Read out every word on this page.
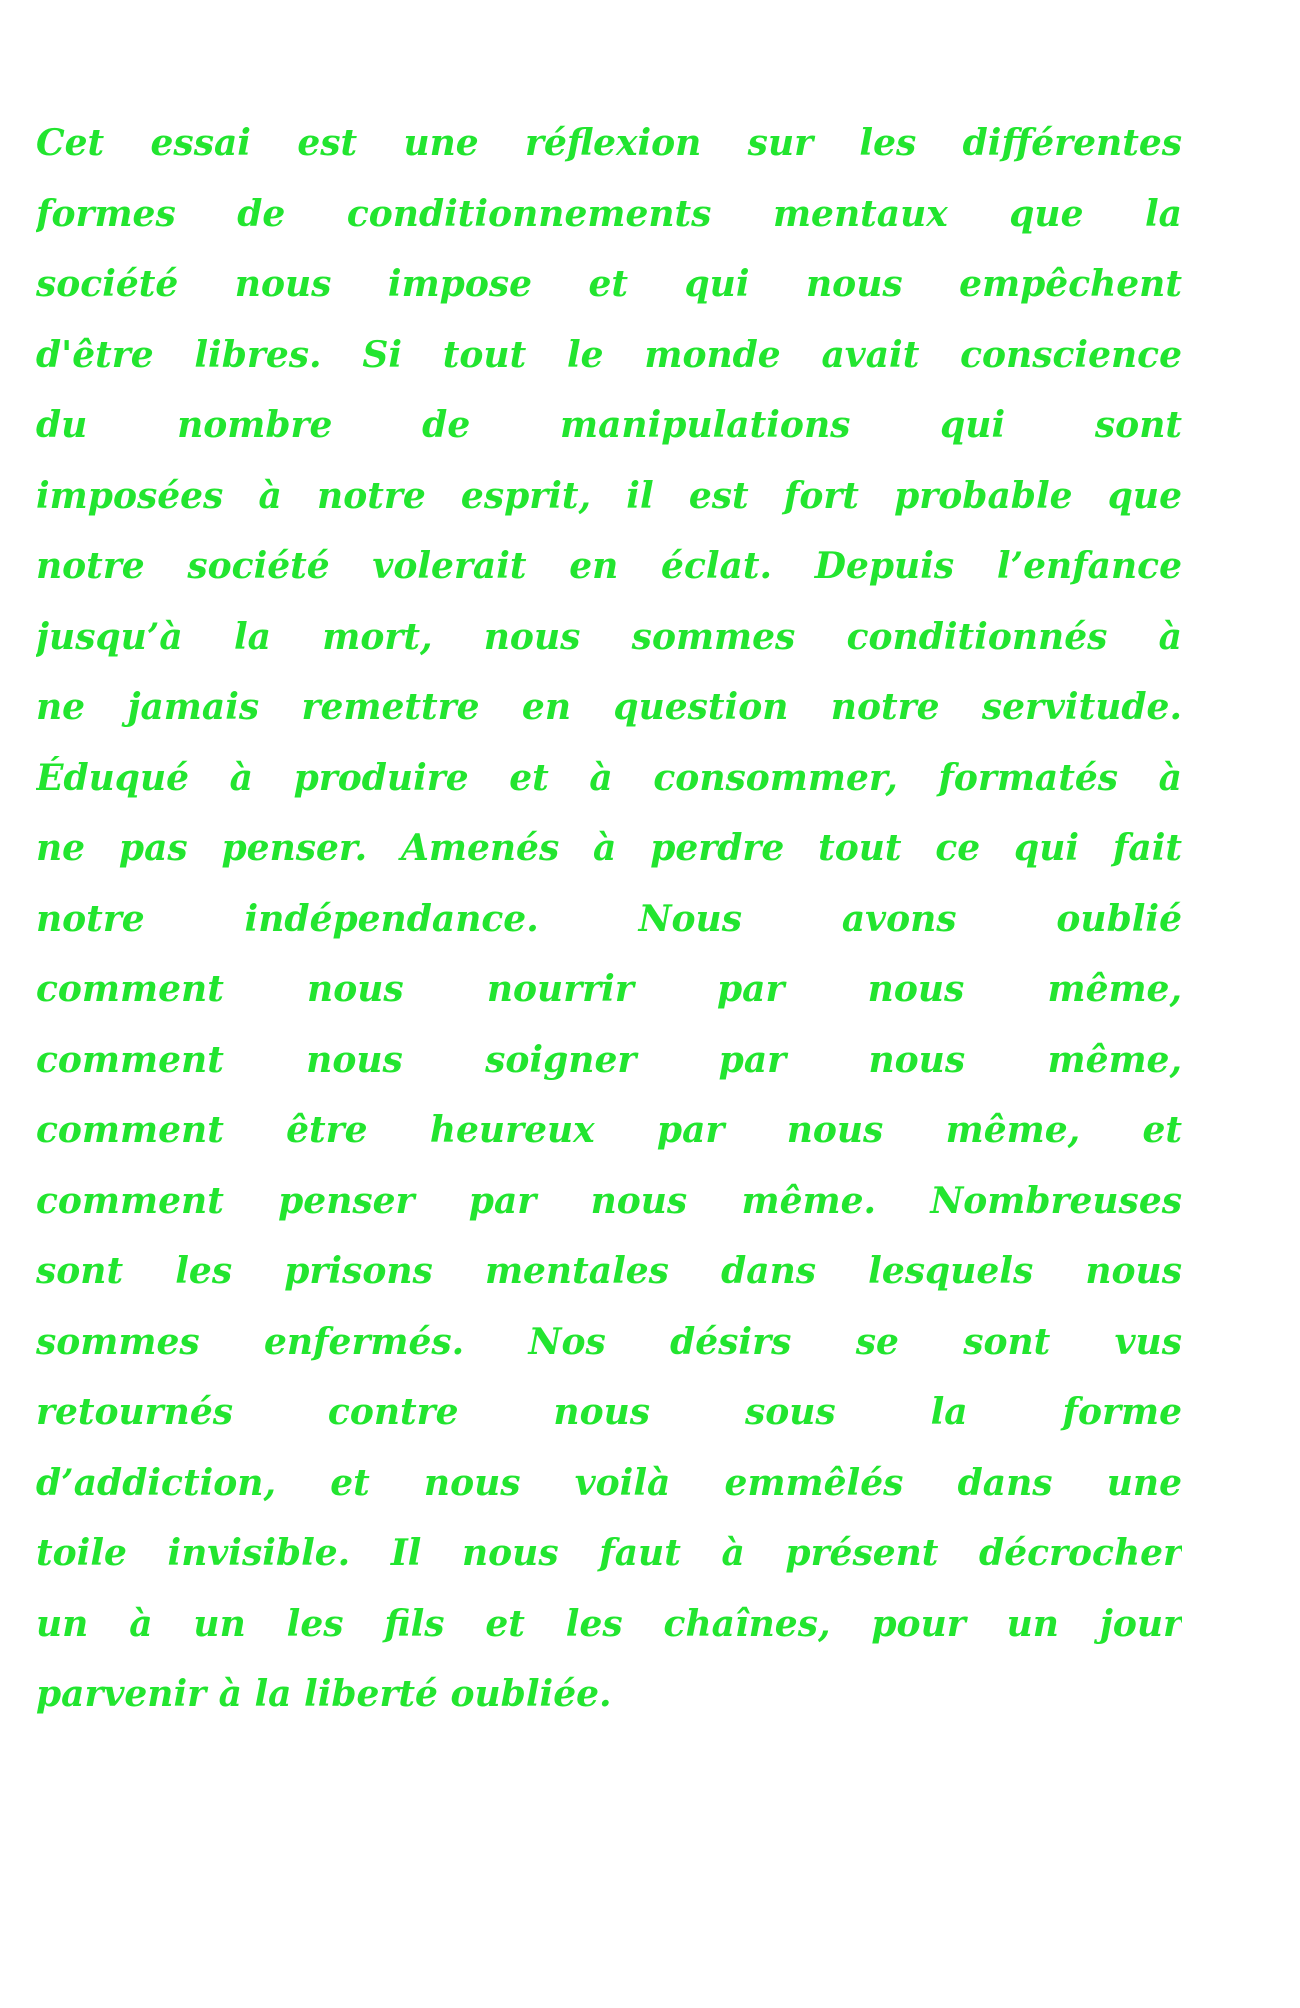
Cet essai est une réflexion sur les différentes
formes de conditionnements mentaux que la
société nous impose et qui nous empêchent
d'être libres. Si tout le monde avait conscience
du nombre de manipulations qui sont
imposées à notre esprit, il est fort probable que
notre société volerait en éclat. Depuis l’enfance
jusqu’à la mort, nous sommes conditionnés à
ne jamais remettre en question notre servitude.
Éduqué à produire et à consommer, formatés à
ne pas penser. Amenés à perdre tout ce qui fait
notre indépendance. Nous avons oublié
comment nous nourrir par nous même,
comment nous soigner par nous même,
comment être heureux par nous même, et
comment penser par nous même. Nombreuses
sont les prisons mentales dans lesquels nous
sommes enfermés. Nos désirs se sont vus
retournés contre nous sous la forme
d’addiction, et nous voilà emmêlés dans une
toile invisible. Il nous faut à présent décrocher
un à un les fils et les chaînes, pour un jour
parvenir à la liberté oubliée.
